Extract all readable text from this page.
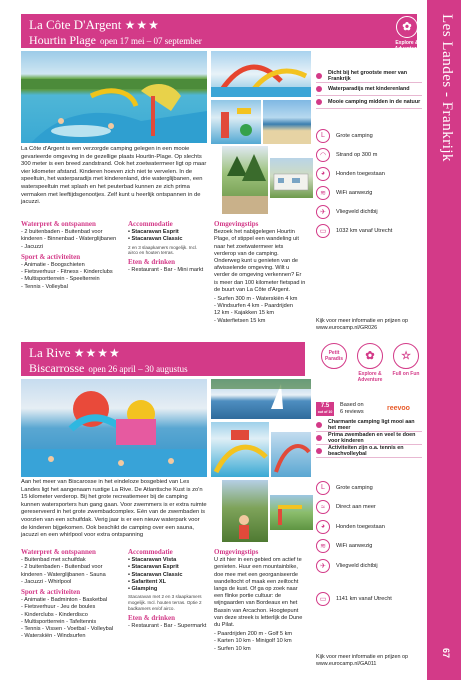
Les Landes - Frankrijk
67
La Côte D'Argent ★★★
Hourtin Plage open 17 mei – 07 september
✿
Explore & Adventure
La Côte d'Argent is een verzorgde camping gelegen in een mooie gevarieerde omgeving in de gezellige plaats Hourtin-Plage. Op slechts 300 meter is een breed zandstrand. Ook het zoetwatermeer ligt op maar vier kilometer afstand. Kinderen hoeven zich niet te vervelen. In de speeltuin, het waterparadijs met kinderenland, drie waterglijbanen, een waterspeeltuin met splash en het peuterbad kunnen ze zich prima vermaken met leeftijdsgenootjes. Zelf kunt u heerlijk ontspannen in de jacuzzi.
Waterpret & ontspannen
- 2 buitenbaden - Buitenbad voor
kinderen - Binnenbad - Waterglijbanen
- Jacuzzi
Sport & activiteiten
- Animatie - Boogschieten
- Fietsverhuur - Fitness - Kinderclubs
- Multisportterrein - Speelterrein
- Tennis - Volleybal
Accommodatie
• Stacaravan Esprit
• Stacaravan Classic
2 en 3 slaapkamers mogelijk. Incl. airco en houten terras.
Eten & drinken
- Restaurant - Bar - Mini markt
Omgevingstips
Bezoek het nabijgelegen Hourtin Plage, of stippel een wandeling uit naar het zoetwatermeer iets verderop van de camping. Onderweg kunt u genieten van de afwisselende omgeving. Wilt u verder de omgeving verkennen? Er is meer dan 100 kilometer fietspad in de buurt van La Côte d'Argent.
- Surfen 300 m - Waterskiën 4 km
- Windsurfen 4 km - Paardrijden
12 km - Kajakken 15 km
- Waterfietsen 15 km	Kijk voor meer informatie en prijzen op www.eurocamp.nl/GR026
Dicht bij het grootste meer van Frankrijk
Waterparadijs met kinderenland
Mooie camping midden in de natuur
L	Grote camping
◠	Strand op 300 m
◕	Honden toegestaan
≋	WiFi aanwezig
✈	Vliegveld dichtbij
▭	1032 km vanaf Utrecht
La Rive ★★★★
Biscarrosse open 26 april – 30 augustus
Petit Paradis	✿
Explore & Adventure
☆
Full on Fun
Aan het meer van Biscarosse in het eindeloze bosgebied van Les Landes ligt het aangenaam rustige La Rive. De Atlantische Kust is zo'n 15 kilometer verderop. Bij het grote recreatiemeer bij de camping kunnen watersporters hun gang gaan. Voor zwemmers is er extra ruimte gereserveerd in het grote zwembadcomplex. Eén van de zwembaden is voorzien van een schuifdak. Verig jaar is er een nieuw waterpark voor de kinderen bijgekomen. Ook beschikt de camping over een sauna, jacuzzi en een whirlpool voor extra ontspanning
Waterpret & ontspannen
- Buitenbad met schuifdak
- 2 buitenbaden - Buitenbad voor
kinderen - Waterglijbanen - Sauna
- Jacuzzi - Whirlpool
Sport & activiteiten
- Animatie - Badminton - Basketbal
- Fietsverhuur - Jeu de boules
- Kinderclubs - Kinderdisco
- Multisportterrein - Tafeltennis
- Tennis - Vissen - Voetbal - Volleybal
- Waterskiën - Windsurfen
Accommodatie
• Stacaravan Vista
• Stacaravan Esprit
• Stacaravan Classic
• Safaritent XL
• Glamping
Stacaravan met 2 en 3 slaapkamers mogelijk. Incl. houten terras. Optie 2 badkamers en/of airco.
Eten & drinken
- Restaurant - Bar - Supermarkt
Omgevingstips
U zit hier in een gebied om actief te genieten. Huur een mountainbike, doe mee met een georganiseerde wandeltocht of maak een zeiltocht langs de kust. Of ga op zoek naar een flinke portie cultuur: de wijngaarden van Bordeaux en het Bassin van Arcachon. Hoogtepunt van deze streek is letterlijk de Dune du Pilat.
- Paardrijden 200 m - Golf 5 km
- Karten 10 km - Minigolf 10 km
- Surfen 10 km
Kijk voor meer informatie en prijzen op www.eurocamp.nl/GA011
7.5
out of 10
Based on
6 reviews	reevoo
Charmante camping ligt mooi aan het meer
Prima zwembaden en veel te doen voor kinderen
Activiteiten zijn o.a. tennis en beachvolleybal
L	Grote camping
≈	Direct aan meer
◕	Honden toegestaan
≋	WiFi aanwezig
✈	Vliegveld dichtbij
▭	1141 km vanaf Utrecht
